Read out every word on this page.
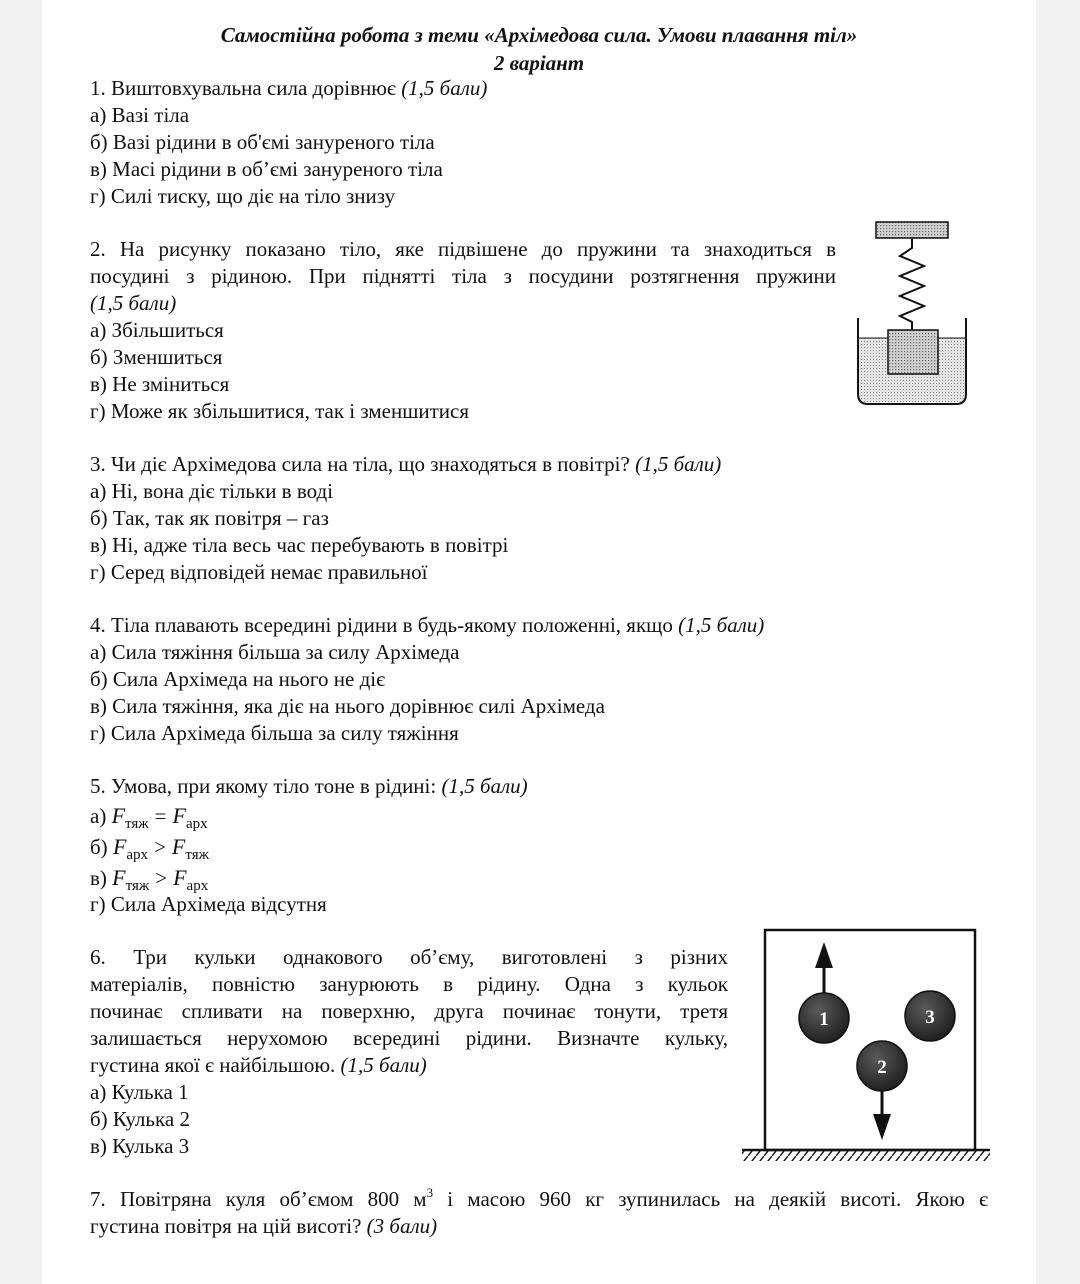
Самостійна робота з теми «Архімедова сила. Умови плавання тіл»
2 варіант
1. Виштовхувальна сила дорівнює (1,5 бали)
а) Вазі тіла
б) Вазі рідини в об'ємі зануреного тіла
в) Масі рідини в об’ємі зануреного тіла
г) Силі тиску, що діє на тіло знизу
2. На рисунку показано тіло, яке підвішене до пружини та знаходиться в
посудині з рідиною. При піднятті тіла з посудини розтягнення пружини
(1,5 бали)
а) Збільшиться
б) Зменшиться
в) Не зміниться
г) Може як збільшитися, так і зменшитися
3. Чи діє Архімедова сила на тіла, що знаходяться в повітрі? (1,5 бали)
а) Ні, вона діє тільки в воді
б) Так, так як повітря – газ
в) Ні, адже тіла весь час перебувають в повітрі
г) Серед відповідей немає правильної
4. Тіла плавають всередині рідини в будь-якому положенні, якщо (1,5 бали)
а) Сила тяжіння більша за силу Архімеда
б) Сила Архімеда на нього не діє
в) Сила тяжіння, яка діє на нього дорівнює силі Архімеда
г) Сила Архімеда більша за силу тяжіння
5. Умова, при якому тіло тоне в рідині: (1,5 бали)
а) $F_{тяж} = F_{арх}$
б) $F_{арх} > F_{тяж}$
в) $F_{тяж} > F_{арх}$
г) Сила Архімеда відсутня
6. Три кульки однакового об’єму, виготовлені з різних
матеріалів, повністю занурюють в рідину. Одна з кульок
починає спливати на поверхню, друга починає тонути, третя
залишається нерухомою всередині рідини. Визначте кульку,
густина якої є найбільшою. (1,5 бали)
а) Кулька 1
б) Кулька 2
в) Кулька 3
1	3
2
7. Повітряна куля об’ємом 800 $м^3$ і масою 960 кг зупинилась на деякій висоті. Якою є
густина повітря на цій висоті? (3 бали)
